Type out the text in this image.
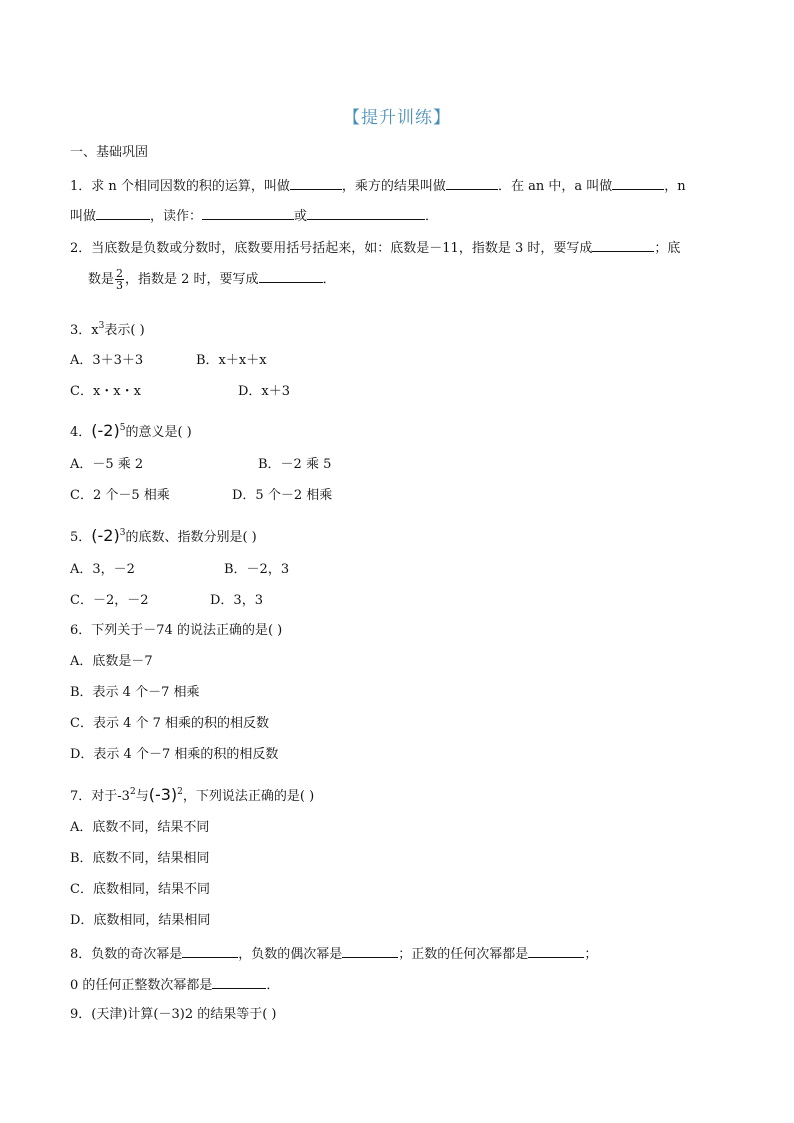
【提升训练】
一、基础巩固
1．求 n 个相同因数的积的运算，叫做	，乘方的结果叫做	．在 an 中，a 叫做	，n
叫做	，读作：	或	．
2．当底数是负数或分数时，底数要用括号括起来，如：底数是－11，指数是 3 时，要写成	；底
数是 $\frac{2}{3}$ ，指数是 2 时，要写成	．
3．$x^3$表示( )
A．3＋3＋3	B．x＋x＋x
C．x・x・x	D．x＋3
4．$(-2)^5$的意义是( )
A．－5 乘 2	B．－2 乘 5
C．2 个－5 相乘	D．5 个－2 相乘
5．$(-2)^3$的底数、指数分别是( )
A．3，－2	B．－2，3
C．－2，－2	D．3，3
6．下列关于－74 的说法正确的是( )
A．底数是－7
B．表示 4 个－7 相乘
C．表示 4 个 7 相乘的积的相反数
D．表示 4 个－7 相乘的积的相反数
7．对于$-3^2$与$(-3)^2$，下列说法正确的是( )
A．底数不同，结果不同
B．底数不同，结果相同
C．底数相同，结果不同
D．底数相同，结果相同
8．负数的奇次幂是	，负数的偶次幂是	；正数的任何次幂都是	；
0 的任何正整数次幂都是	．
9．(天津)计算(－3)2 的结果等于( )
